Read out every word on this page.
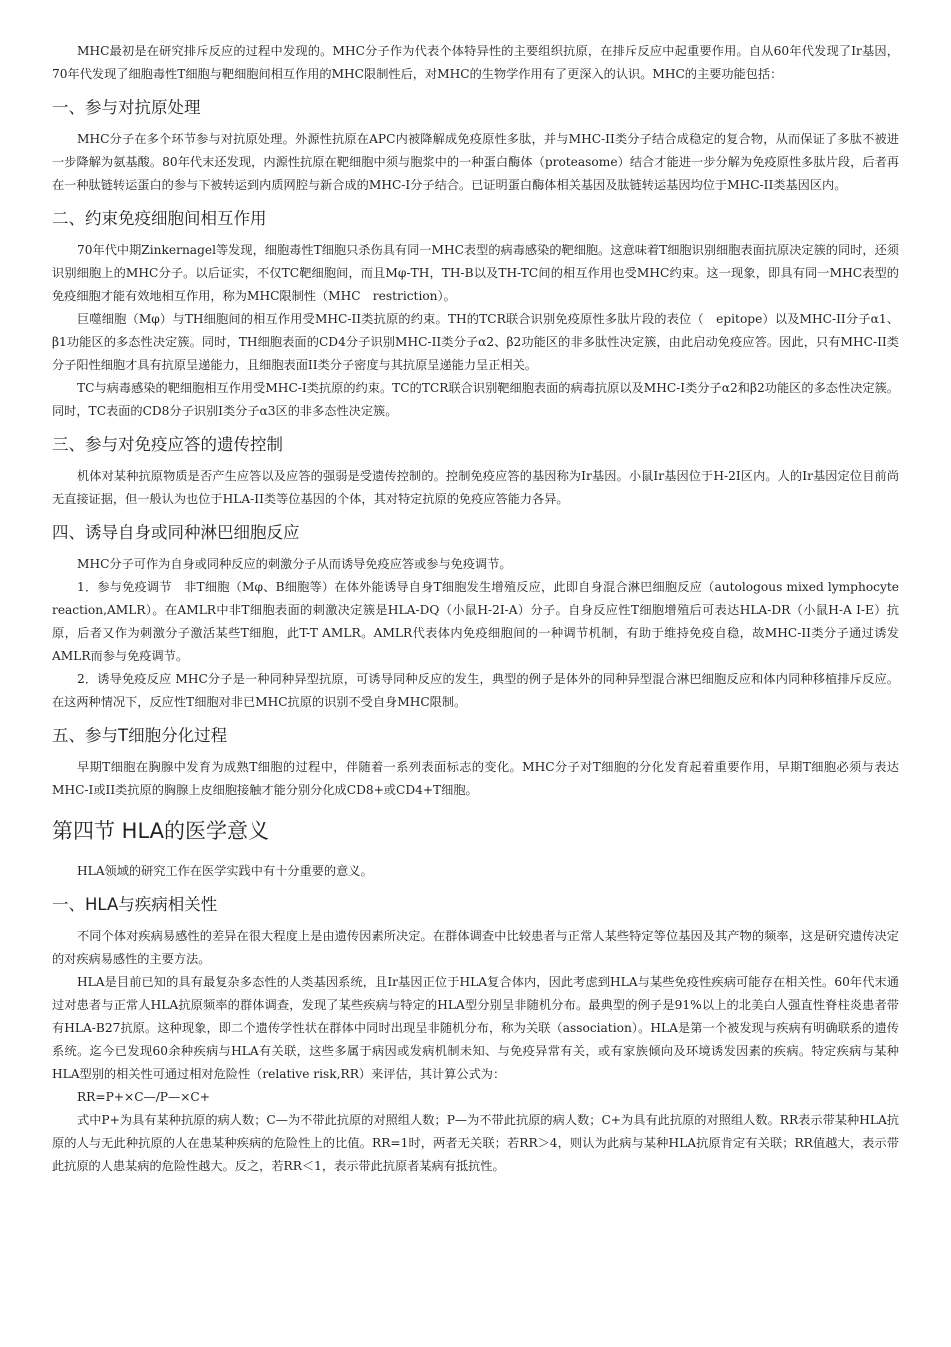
MHC最初是在研究排斥反应的过程中发现的。MHC分子作为代表个体特异性的主要组织抗原，在排斥反应中起重要作用。自从60年代发现了Ir基因，70年代发现了细胞毒性T细胞与靶细胞间相互作用的MHC限制性后，对MHC的生物学作用有了更深入的认识。MHC的主要功能包括：

一、参与对抗原处理

MHC分子在多个环节参与对抗原处理。外源性抗原在APC内被降解成免疫原性多肽，并与MHC-II类分子结合成稳定的复合物，从而保证了多肽不被进一步降解为氨基酸。80年代末还发现，内源性抗原在靶细胞中须与胞浆中的一种蛋白酶体（proteasome）结合才能进一步分解为免疫原性多肽片段，后者再在一种肽链转运蛋白的参与下被转运到内质网腔与新合成的MHC-I分子结合。已证明蛋白酶体相关基因及肽链转运基因均位于MHC-II类基因区内。

二、约束免疫细胞间相互作用

70年代中期Zinkernagel等发现，细胞毒性T细胞只杀伤具有同一MHC表型的病毒感染的靶细胞。这意味着T细胞识别细胞表面抗原决定簇的同时，还须识别细胞上的MHC分子。以后证实，不仅TC靶细胞间，而且Mφ-TH，TH-B以及TH-TC间的相互作用也受MHC约束。这一现象，即具有同一MHC表型的免疫细胞才能有效地相互作用，称为MHC限制性（MHC　restriction）。

巨噬细胞（Mφ）与TH细胞间的相互作用受MHC-II类抗原的约束。TH的TCR联合识别免疫原性多肽片段的表位（　epitope）以及MHC-II分子α1、β1功能区的多态性决定簇。同时，TH细胞表面的CD4分子识别MHC-II类分子α2、β2功能区的非多肽性决定簇，由此启动免疫应答。因此，只有MHC-II类分子阳性细胞才具有抗原呈递能力，且细胞表面II类分子密度与其抗原呈递能力呈正相关。

TC与病毒感染的靶细胞相互作用受MHC-I类抗原的约束。TC的TCR联合识别靶细胞表面的病毒抗原以及MHC-I类分子α2和β2功能区的多态性决定簇。同时，TC表面的CD8分子识别I类分子α3区的非多态性决定簇。

三、参与对免疫应答的遗传控制

机体对某种抗原物质是否产生应答以及应答的强弱是受遗传控制的。控制免疫应答的基因称为Ir基因。小鼠Ir基因位于H-2I区内。人的Ir基因定位目前尚无直接证据，但一般认为也位于HLA-II类等位基因的个体，其对特定抗原的免疫应答能力各异。

四、诱导自身或同种淋巴细胞反应

MHC分子可作为自身或同种反应的刺激分子从而诱导免疫应答或参与免疫调节。

1．参与免疫调节　非T细胞（Mφ、B细胞等）在体外能诱导自身T细胞发生增殖反应，此即自身混合淋巴细胞反应（autologous mixed lymphocyte　reaction,AMLR）。在AMLR中非T细胞表面的刺激决定簇是HLA-DQ（小鼠H-2I-A）分子。自身反应性T细胞增殖后可表达HLA-DR（小鼠H-A I-E）抗原，后者又作为刺激分子激活某些T细胞，此T-T AMLR。AMLR代表体内免疫细胞间的一种调节机制，有助于维持免疫自稳，故MHC-II类分子通过诱发AMLR而参与免疫调节。

2．诱导免疫反应 MHC分子是一种同种异型抗原，可诱导同种反应的发生，典型的例子是体外的同种异型混合淋巴细胞反应和体内同种移植排斥反应。在这两种情况下，反应性T细胞对非已MHC抗原的识别不受自身MHC限制。

五、参与T细胞分化过程

早期T细胞在胸腺中发育为成熟T细胞的过程中，伴随着一系列表面标志的变化。MHC分子对T细胞的分化发育起着重要作用，早期T细胞必须与表达MHC-I或II类抗原的胸腺上皮细胞接触才能分别分化成CD8+或CD4+T细胞。

第四节 HLA的医学意义

HLA领域的研究工作在医学实践中有十分重要的意义。

一、HLA与疾病相关性

不同个体对疾病易感性的差异在很大程度上是由遗传因素所决定。在群体调查中比较患者与正常人某些特定等位基因及其产物的频率，这是研究遗传决定的对疾病易感性的主要方法。

HLA是目前已知的具有最复杂多态性的人类基因系统，且Ir基因正位于HLA复合体内，因此考虑到HLA与某些免疫性疾病可能存在相关性。60年代末通过对患者与正常人HLA抗原频率的群体调查，发现了某些疾病与特定的HLA型分别呈非随机分布。最典型的例子是91%以上的北美白人强直性脊柱炎患者带有HLA-B27抗原。这种现象，即二个遗传学性状在群体中同时出现呈非随机分布，称为关联（association）。HLA是第一个被发现与疾病有明确联系的遗传系统。迄今已发现60余种疾病与HLA有关联，这些多属于病因或发病机制未知、与免疫异常有关，或有家族倾向及环境诱发因素的疾病。特定疾病与某种HLA型别的相关性可通过相对危险性（relative risk,RR）来评估，其计算公式为：

RR=P+×C—/P—×C+

式中P+为具有某种抗原的病人数；C—为不带此抗原的对照组人数；P—为不带此抗原的病人数；C+为具有此抗原的对照组人数。RR表示带某种HLA抗原的人与无此种抗原的人在患某种疾病的危险性上的比值。RR=1时，两者无关联；若RR＞4，则认为此病与某种HLA抗原肯定有关联；RR值越大，表示带此抗原的人患某病的危险性越大。反之，若RR＜1，表示带此抗原者某病有抵抗性。
